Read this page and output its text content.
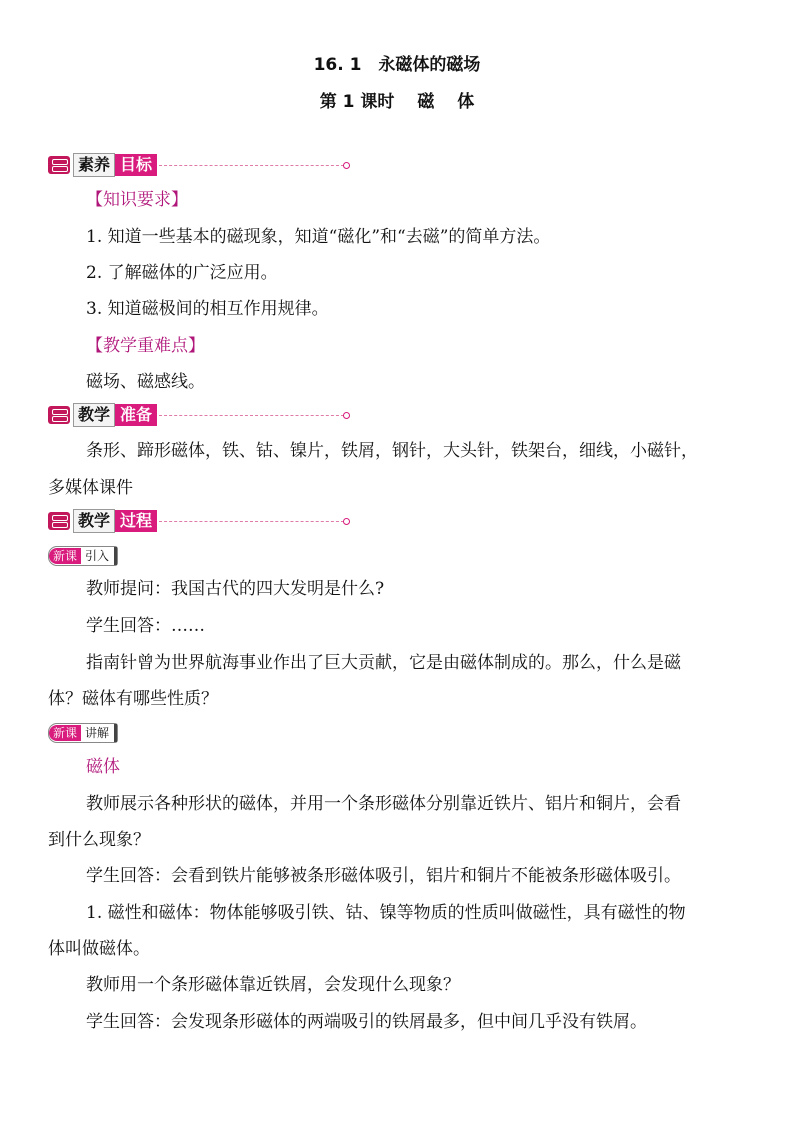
16. 1　永磁体的磁场
第 1 课时　 磁　 体
素养 目标
【知识要求】
1. 知道一些基本的磁现象，知道“磁化”和“去磁”的简单方法。
2. 了解磁体的广泛应用。
3. 知道磁极间的相互作用规律。
【教学重难点】
磁场、磁感线。
教学 准备
条形、蹄形磁体，铁、钴、镍片，铁屑，钢针，大头针，铁架台，细线，小磁针，
多媒体课件
教学 过程
新课 引入
教师提问：我国古代的四大发明是什么?
学生回答：……
指南针曾为世界航海事业作出了巨大贡献，它是由磁体制成的。那么，什么是磁
体？磁体有哪些性质？
新课 讲解
磁体
教师展示各种形状的磁体，并用一个条形磁体分别靠近铁片、铝片和铜片，会看
到什么现象？
学生回答：会看到铁片能够被条形磁体吸引，铝片和铜片不能被条形磁体吸引。
1. 磁性和磁体：物体能够吸引铁、钴、镍等物质的性质叫做磁性，具有磁性的物
体叫做磁体。
教师用一个条形磁体靠近铁屑，会发现什么现象？
学生回答：会发现条形磁体的两端吸引的铁屑最多，但中间几乎没有铁屑。
